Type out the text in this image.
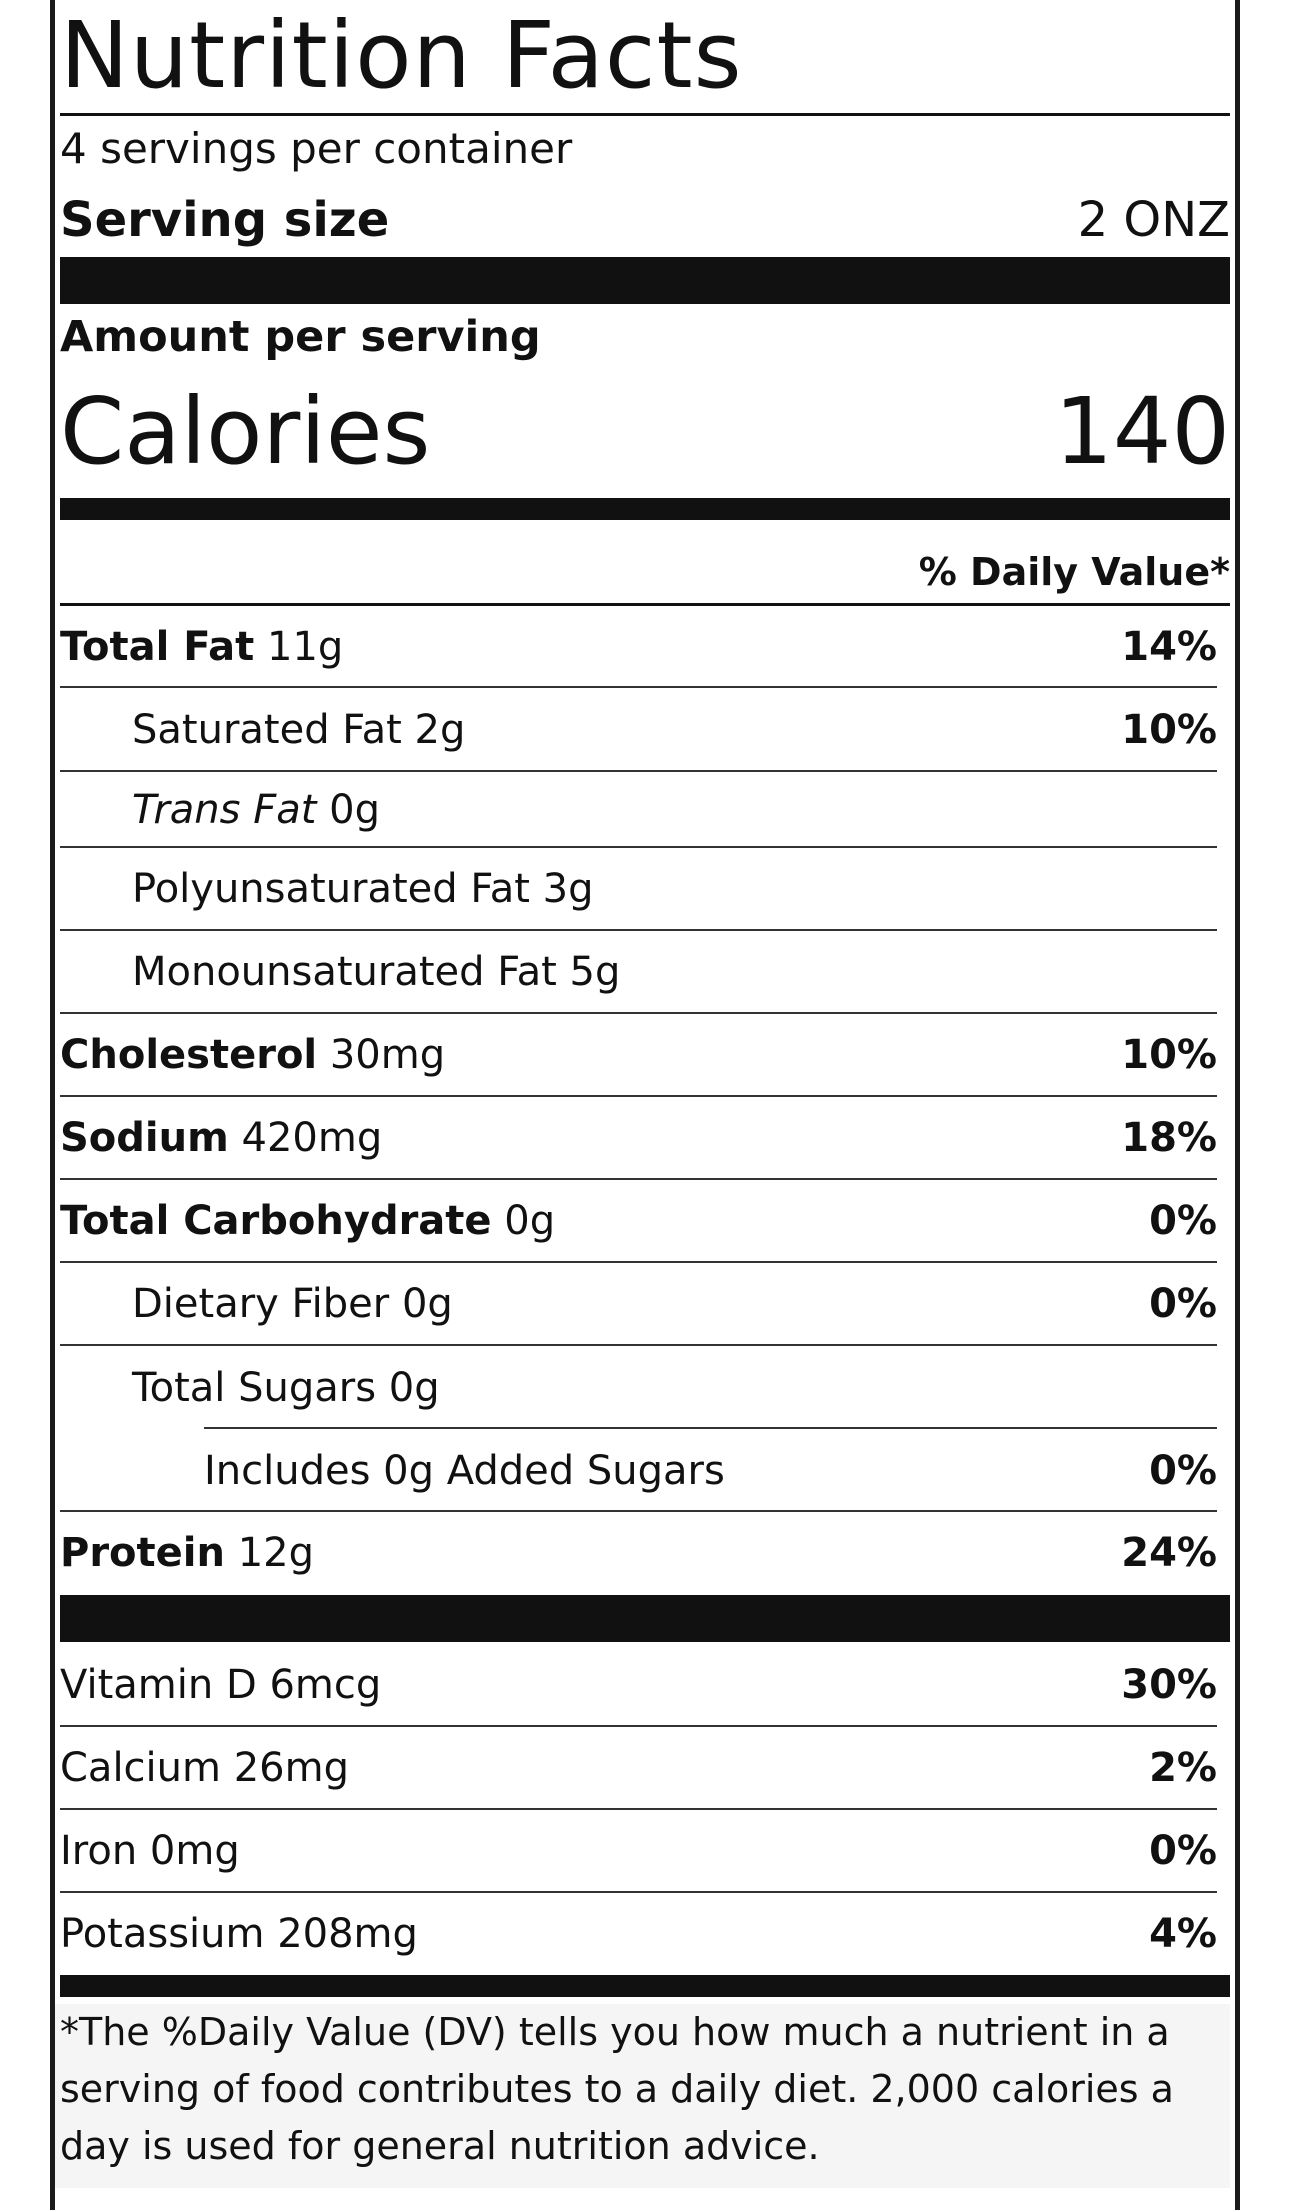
Nutrition Facts
4 servings per container
Serving size	2 ONZ
Amount per serving
Calories	140
% Daily Value*
Total Fat 11g	14%
Saturated Fat 2g	10%
Trans Fat 0g
Polyunsaturated Fat 3g
Monounsaturated Fat 5g
Cholesterol 30mg	10%
Sodium 420mg	18%
Total Carbohydrate 0g	0%
Dietary Fiber 0g	0%
Total Sugars 0g
Includes 0g Added Sugars	0%
Protein 12g	24%
Vitamin D 6mcg	30%
Calcium 26mg	2%
Iron 0mg	0%
Potassium 208mg	4%
*The %Daily Value (DV) tells you how much a nutrient in a serving of food contributes to a daily diet. 2,000 calories a day is used for general nutrition advice.
